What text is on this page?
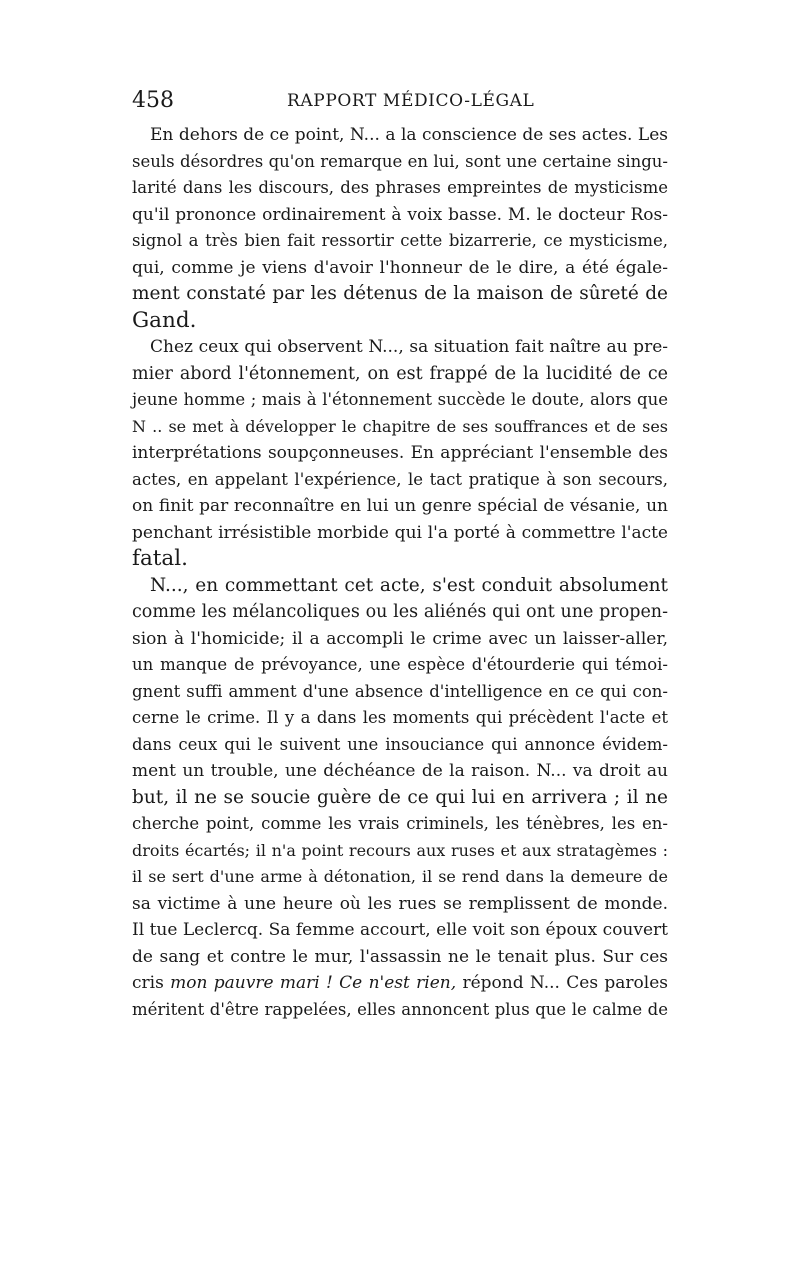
458	RAPPORT MÉDICO-LÉGAL

En dehors de ce point, N... a la conscience de ses actes. Les
seuls désordres qu'on remarque en lui, sont une certaine singu-
larité dans les discours, des phrases empreintes de mysticisme
qu'il prononce ordinairement à voix basse. M. le docteur Ros-
signol a très bien fait ressortir cette bizarrerie, ce mysticisme,
qui, comme je viens d'avoir l'honneur de le dire, a été égale-
ment constaté par les détenus de la maison de sûreté de
Gand.

Chez ceux qui observent N..., sa situation fait naître au pre-
mier abord l'étonnement, on est frappé de la lucidité de ce
jeune homme ; mais à l'étonnement succède le doute, alors que
N .. se met à développer le chapitre de ses souffrances et de ses
interprétations soupçonneuses. En appréciant l'ensemble des
actes, en appelant l'expérience, le tact pratique à son secours,
on finit par reconnaître en lui un genre spécial de vésanie, un
penchant irrésistible morbide qui l'a porté à commettre l'acte
fatal.

N..., en commettant cet acte, s'est conduit absolument
comme les mélancoliques ou les aliénés qui ont une propen-
sion à l'homicide; il a accompli le crime avec un laisser-aller,
un manque de prévoyance, une espèce d'étourderie qui témoi-
gnent suffi amment d'une absence d'intelligence en ce qui con-
cerne le crime. Il y a dans les moments qui précèdent l'acte et
dans ceux qui le suivent une insouciance qui annonce évidem-
ment un trouble, une déchéance de la raison. N... va droit au
but, il ne se soucie guère de ce qui lui en arrivera ; il ne
cherche point, comme les vrais criminels, les ténèbres, les en-
droits écartés; il n'a point recours aux ruses et aux stratagèmes :
il se sert d'une arme à détonation, il se rend dans la demeure de
sa victime à une heure où les rues se remplissent de monde.
Il tue Leclercq. Sa femme accourt, elle voit son époux couvert
de sang et contre le mur, l'assassin ne le tenait plus. Sur ces
cris mon pauvre mari ! Ce n'est rien, répond N... Ces paroles
méritent d'être rappelées, elles annoncent plus que le calme de
